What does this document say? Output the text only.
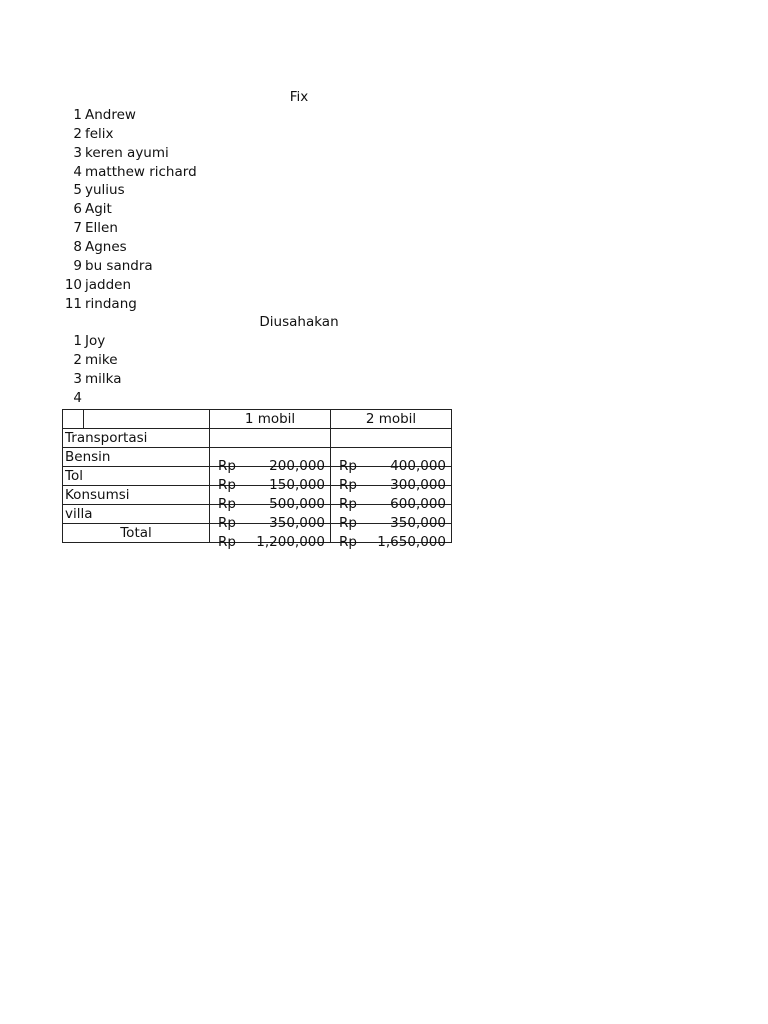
Fix
1 Andrew
2 felix
3 keren ayumi
4 matthew richard
5 yulius
6 Agit
7 Ellen
8 Agnes
9 bu sandra
10 jadden
11 rindang
Diusahakan
1 Joy
2 mike
3 milka
4
		1 mobil	2 mobil
Transportasi			
Bensin		Rp 200,000	Rp 400,000

Tol		Rp 150,000	Rp 300,000

Konsumsi		Rp 500,000	Rp 600,000

villa		Rp 350,000	Rp 350,000

Total		Rp 1,200,000	Rp 1,650,000
